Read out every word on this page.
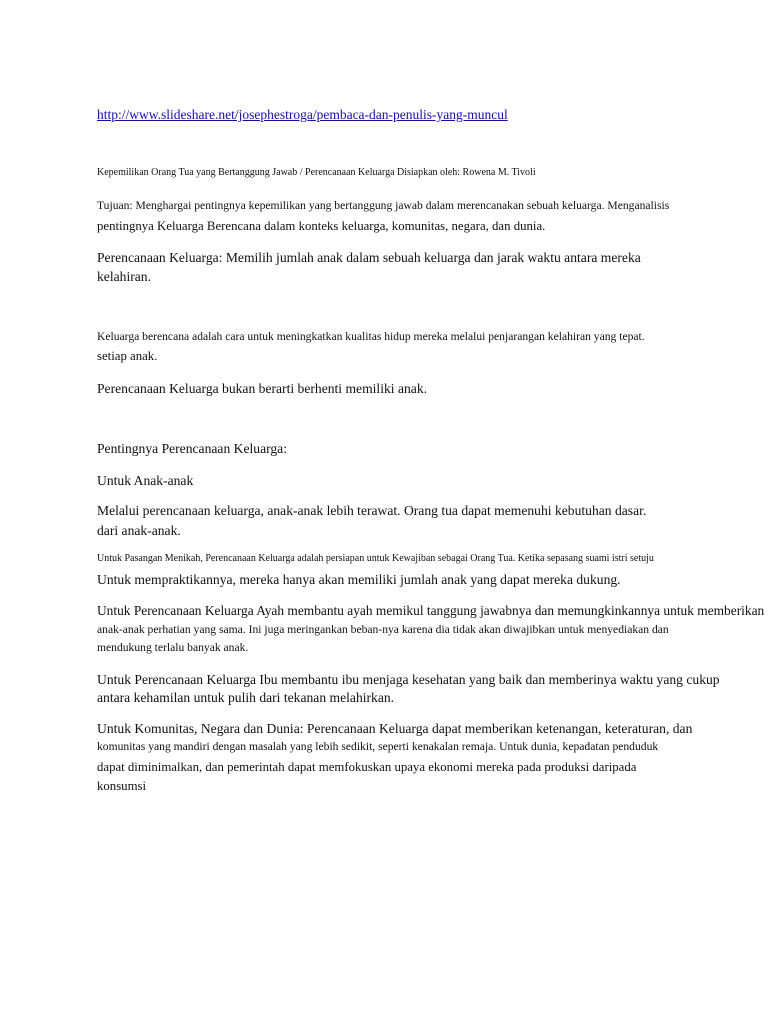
http://www.slideshare.net/josephestroga/pembaca-dan-penulis-yang-muncul
Kepemilikan Orang Tua yang Bertanggung Jawab / Perencanaan Keluarga Disiapkan oleh: Rowena M. Tivoli
Tujuan: Menghargai pentingnya kepemilikan yang bertanggung jawab dalam merencanakan sebuah keluarga. Menganalisis
pentingnya Keluarga Berencana dalam konteks keluarga, komunitas, negara, dan dunia.
Perencanaan Keluarga: Memilih jumlah anak dalam sebuah keluarga dan jarak waktu antara mereka
kelahiran.
Keluarga berencana adalah cara untuk meningkatkan kualitas hidup mereka melalui penjarangan kelahiran yang tepat.
setiap anak.
Perencanaan Keluarga bukan berarti berhenti memiliki anak.
Pentingnya Perencanaan Keluarga:
Untuk Anak-anak
Melalui perencanaan keluarga, anak-anak lebih terawat. Orang tua dapat memenuhi kebutuhan dasar.
dari anak-anak.
Untuk Pasangan Menikah, Perencanaan Keluarga adalah persiapan untuk Kewajiban sebagai Orang Tua. Ketika sepasang suami istri setuju
Untuk mempraktikannya, mereka hanya akan memiliki jumlah anak yang dapat mereka dukung.
Untuk Perencanaan Keluarga Ayah membantu ayah memikul tanggung jawabnya dan memungkinkannya untuk memberikan
anak-anak perhatian yang sama. Ini juga meringankan beban-nya karena dia tidak akan diwajibkan untuk menyediakan dan
mendukung terlalu banyak anak.
Untuk Perencanaan Keluarga Ibu membantu ibu menjaga kesehatan yang baik dan memberinya waktu yang cukup
antara kehamilan untuk pulih dari tekanan melahirkan.
Untuk Komunitas, Negara dan Dunia: Perencanaan Keluarga dapat memberikan ketenangan, keteraturan, dan
komunitas yang mandiri dengan masalah yang lebih sedikit, seperti kenakalan remaja. Untuk dunia, kepadatan penduduk
dapat diminimalkan, dan pemerintah dapat memfokuskan upaya ekonomi mereka pada produksi daripada
konsumsi
